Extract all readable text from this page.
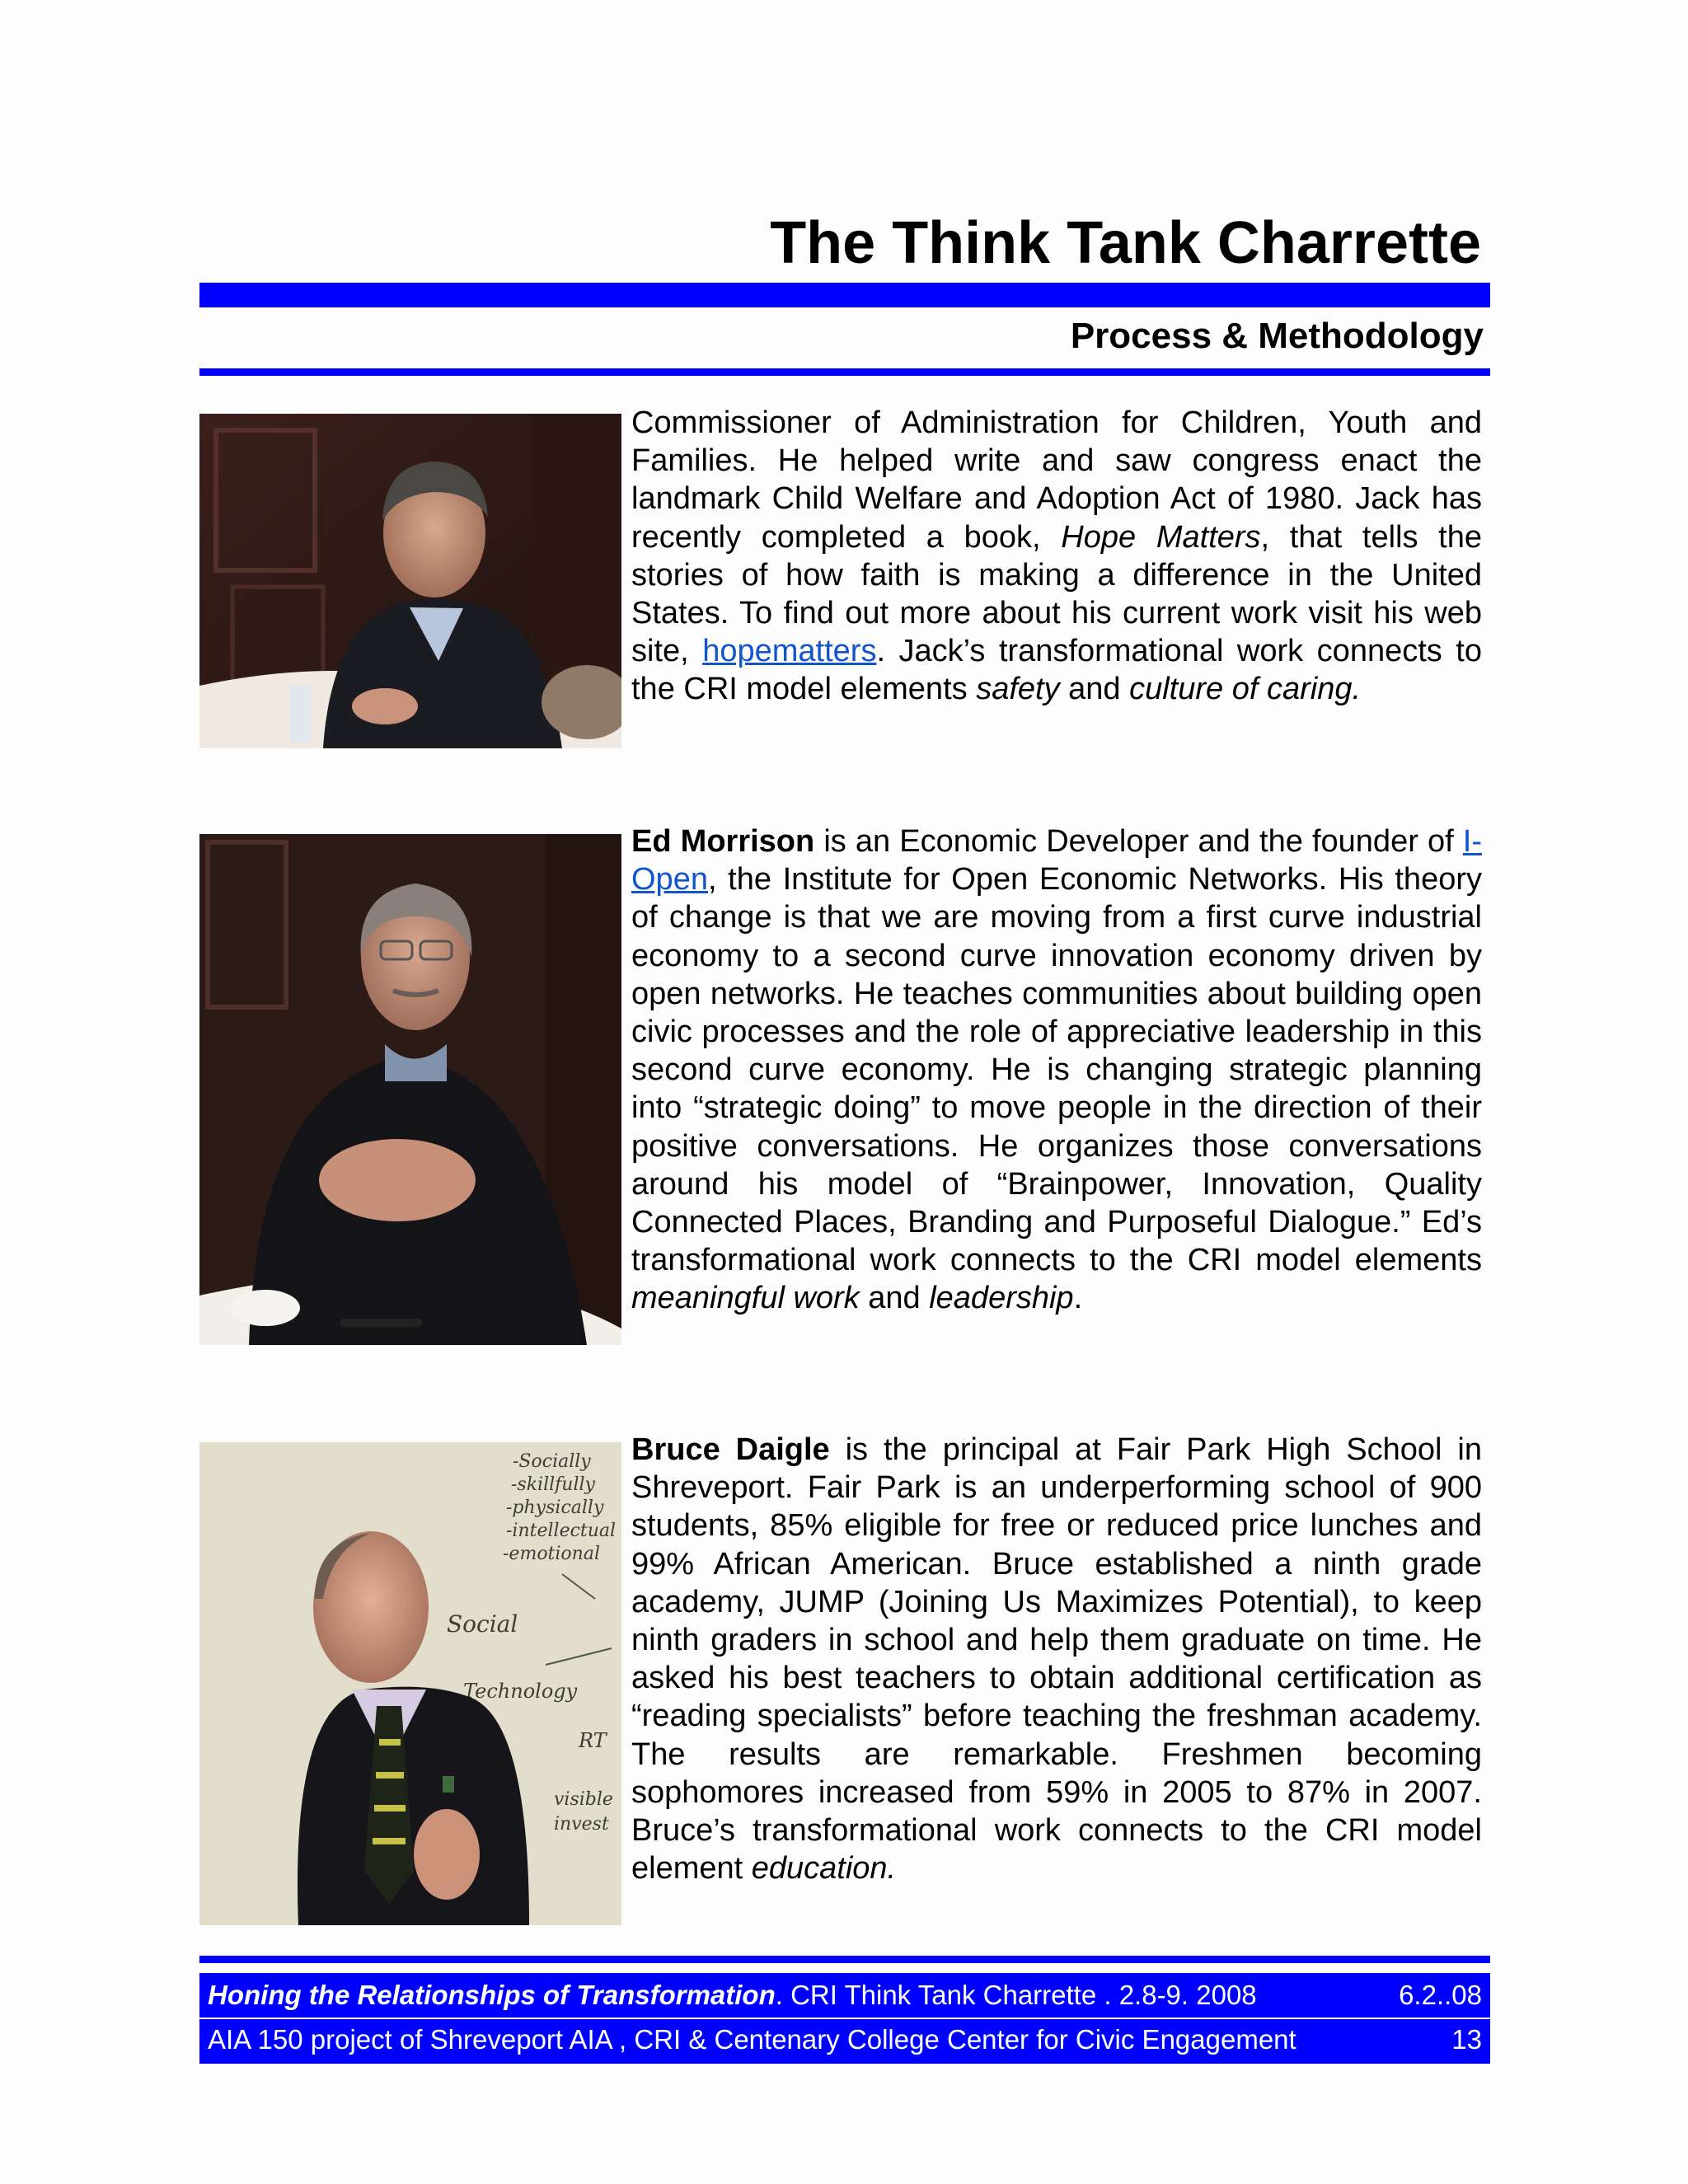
The Think Tank Charrette
Process & Methodology
Commissioner of Administration for Children, Youth and Families. He helped write and saw congress enact the landmark Child Welfare and Adoption Act of 1980. Jack has recently completed a book, Hope Matters, that tells the stories of how faith is making a difference in the United States. To find out more about his current work visit his web site, hopematters. Jack’s transformational work connects to the CRI model elements safety and culture of caring.
Ed Morrison is an Economic Developer and the founder of I-Open, the Institute for Open Economic Networks. His theory of change is that we are moving from a first curve industrial economy to a second curve innovation economy driven by open networks. He teaches communities about building open civic processes and the role of appreciative leadership in this second curve economy. He is changing strategic planning into “strategic doing” to move people in the direction of their positive conversations. He organizes those conversations around his model of “Brainpower, Innovation, Quality Connected Places, Branding and Purposeful Dialogue.” Ed’s transformational work connects to the CRI model elements meaningful work and leadership.
-Socially
-skillfully
-physically
-intellectual
-emotional
Social
Technology
RT
visible
invest
Bruce Daigle is the principal at Fair Park High School in Shreveport. Fair Park is an underperforming school of 900 students, 85% eligible for free or reduced price lunches and 99% African American. Bruce established a ninth grade academy, JUMP (Joining Us Maximizes Potential), to keep ninth graders in school and help them graduate on time. He asked his best teachers to obtain additional certification as “reading specialists” before teaching the freshman academy. The results are remarkable. Freshmen becoming sophomores increased from 59% in 2005 to 87% in 2007. Bruce’s transformational work connects to the CRI model element education.
Honing the Relationships of Transformation. CRI Think Tank Charrette . 2.8-9. 2008	6.2..08
AIA 150 project of Shreveport AIA , CRI & Centenary College Center for Civic Engagement	13
